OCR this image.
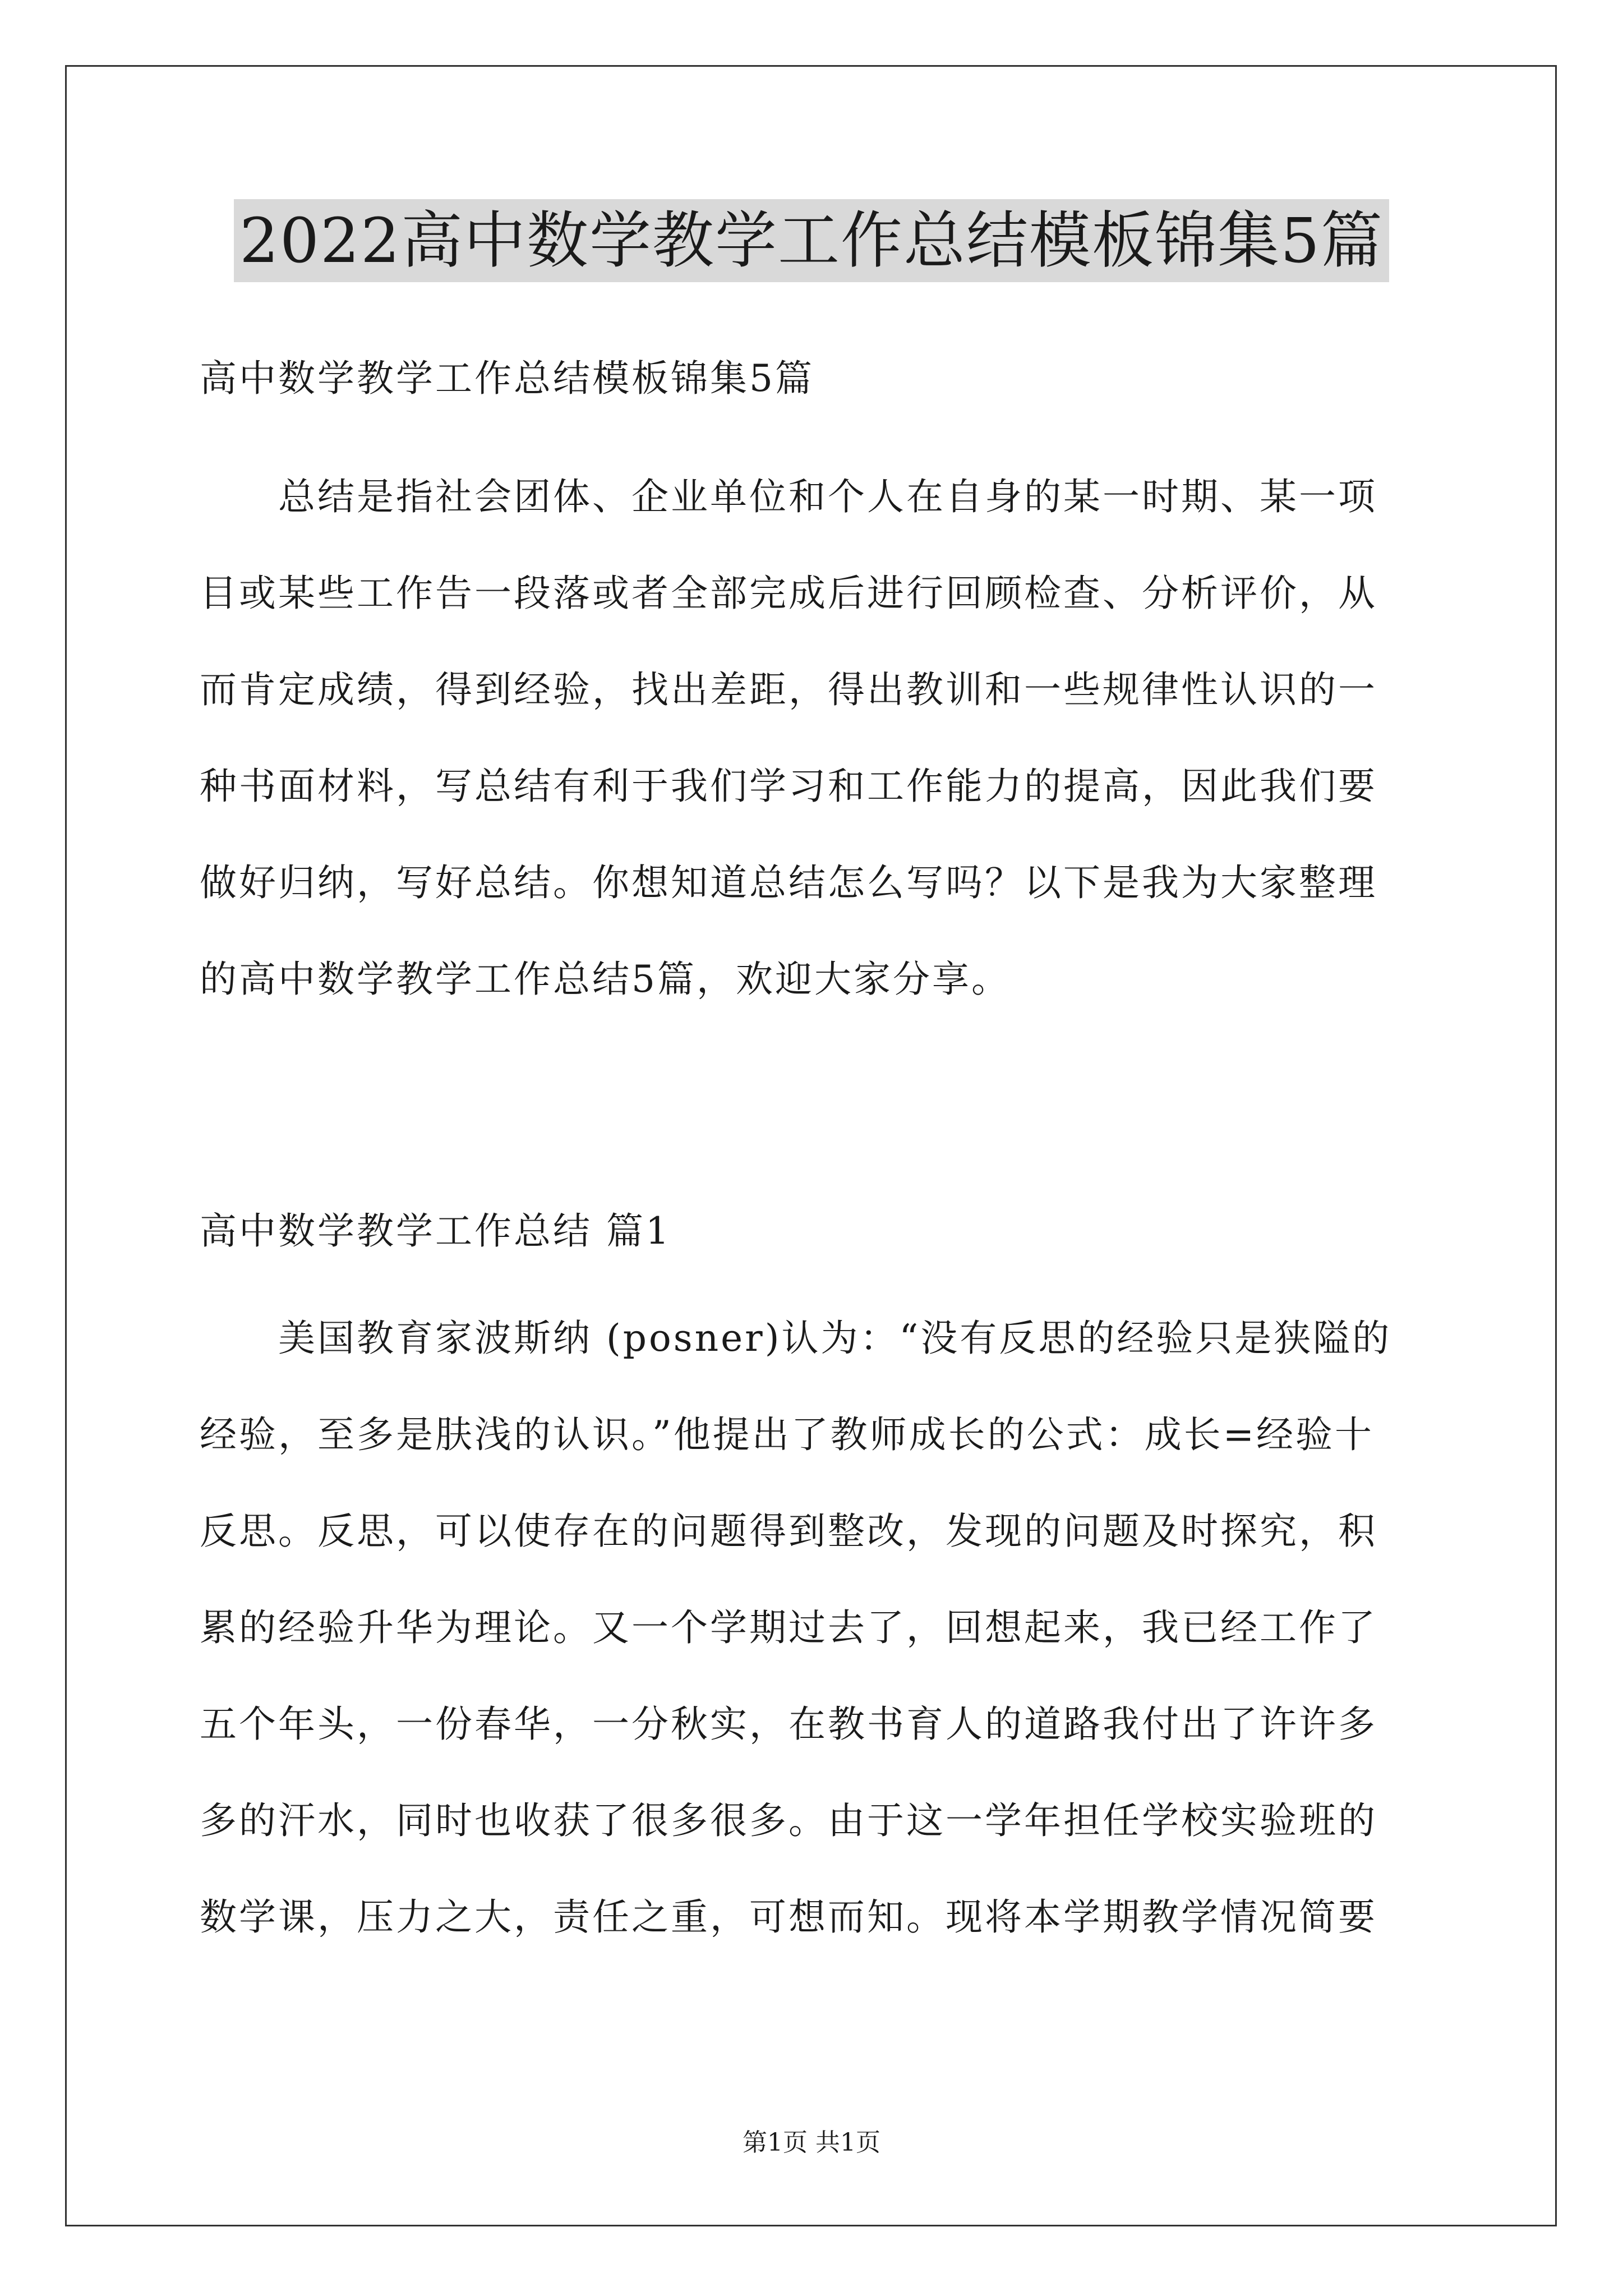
2022高中数学教学工作总结模板锦集5篇
高中数学教学工作总结模板锦集5篇
总结是指社会团体、企业单位和个人在自身的某一时期、某一项
目或某些工作告一段落或者全部完成后进行回顾检查、分析评价，从
而肯定成绩，得到经验，找出差距，得出教训和一些规律性认识的一
种书面材料，写总结有利于我们学习和工作能力的提高，因此我们要
做好归纳，写好总结。你想知道总结怎么写吗？以下是我为大家整理
的高中数学教学工作总结5篇，欢迎大家分享。
高中数学教学工作总结 篇1
美国教育家波斯纳 (posner)认为：“没有反思的经验只是狭隘的
经验，至多是肤浅的认识。”他提出了教师成长的公式：成长=经验十
反思。反思，可以使存在的问题得到整改，发现的问题及时探究，积
累的经验升华为理论。又一个学期过去了，回想起来，我已经工作了
五个年头，一份春华，一分秋实，在教书育人的道路我付出了许许多
多的汗水，同时也收获了很多很多。由于这一学年担任学校实验班的
数学课，压力之大，责任之重，可想而知。现将本学期教学情况简要
第1页 共1页
